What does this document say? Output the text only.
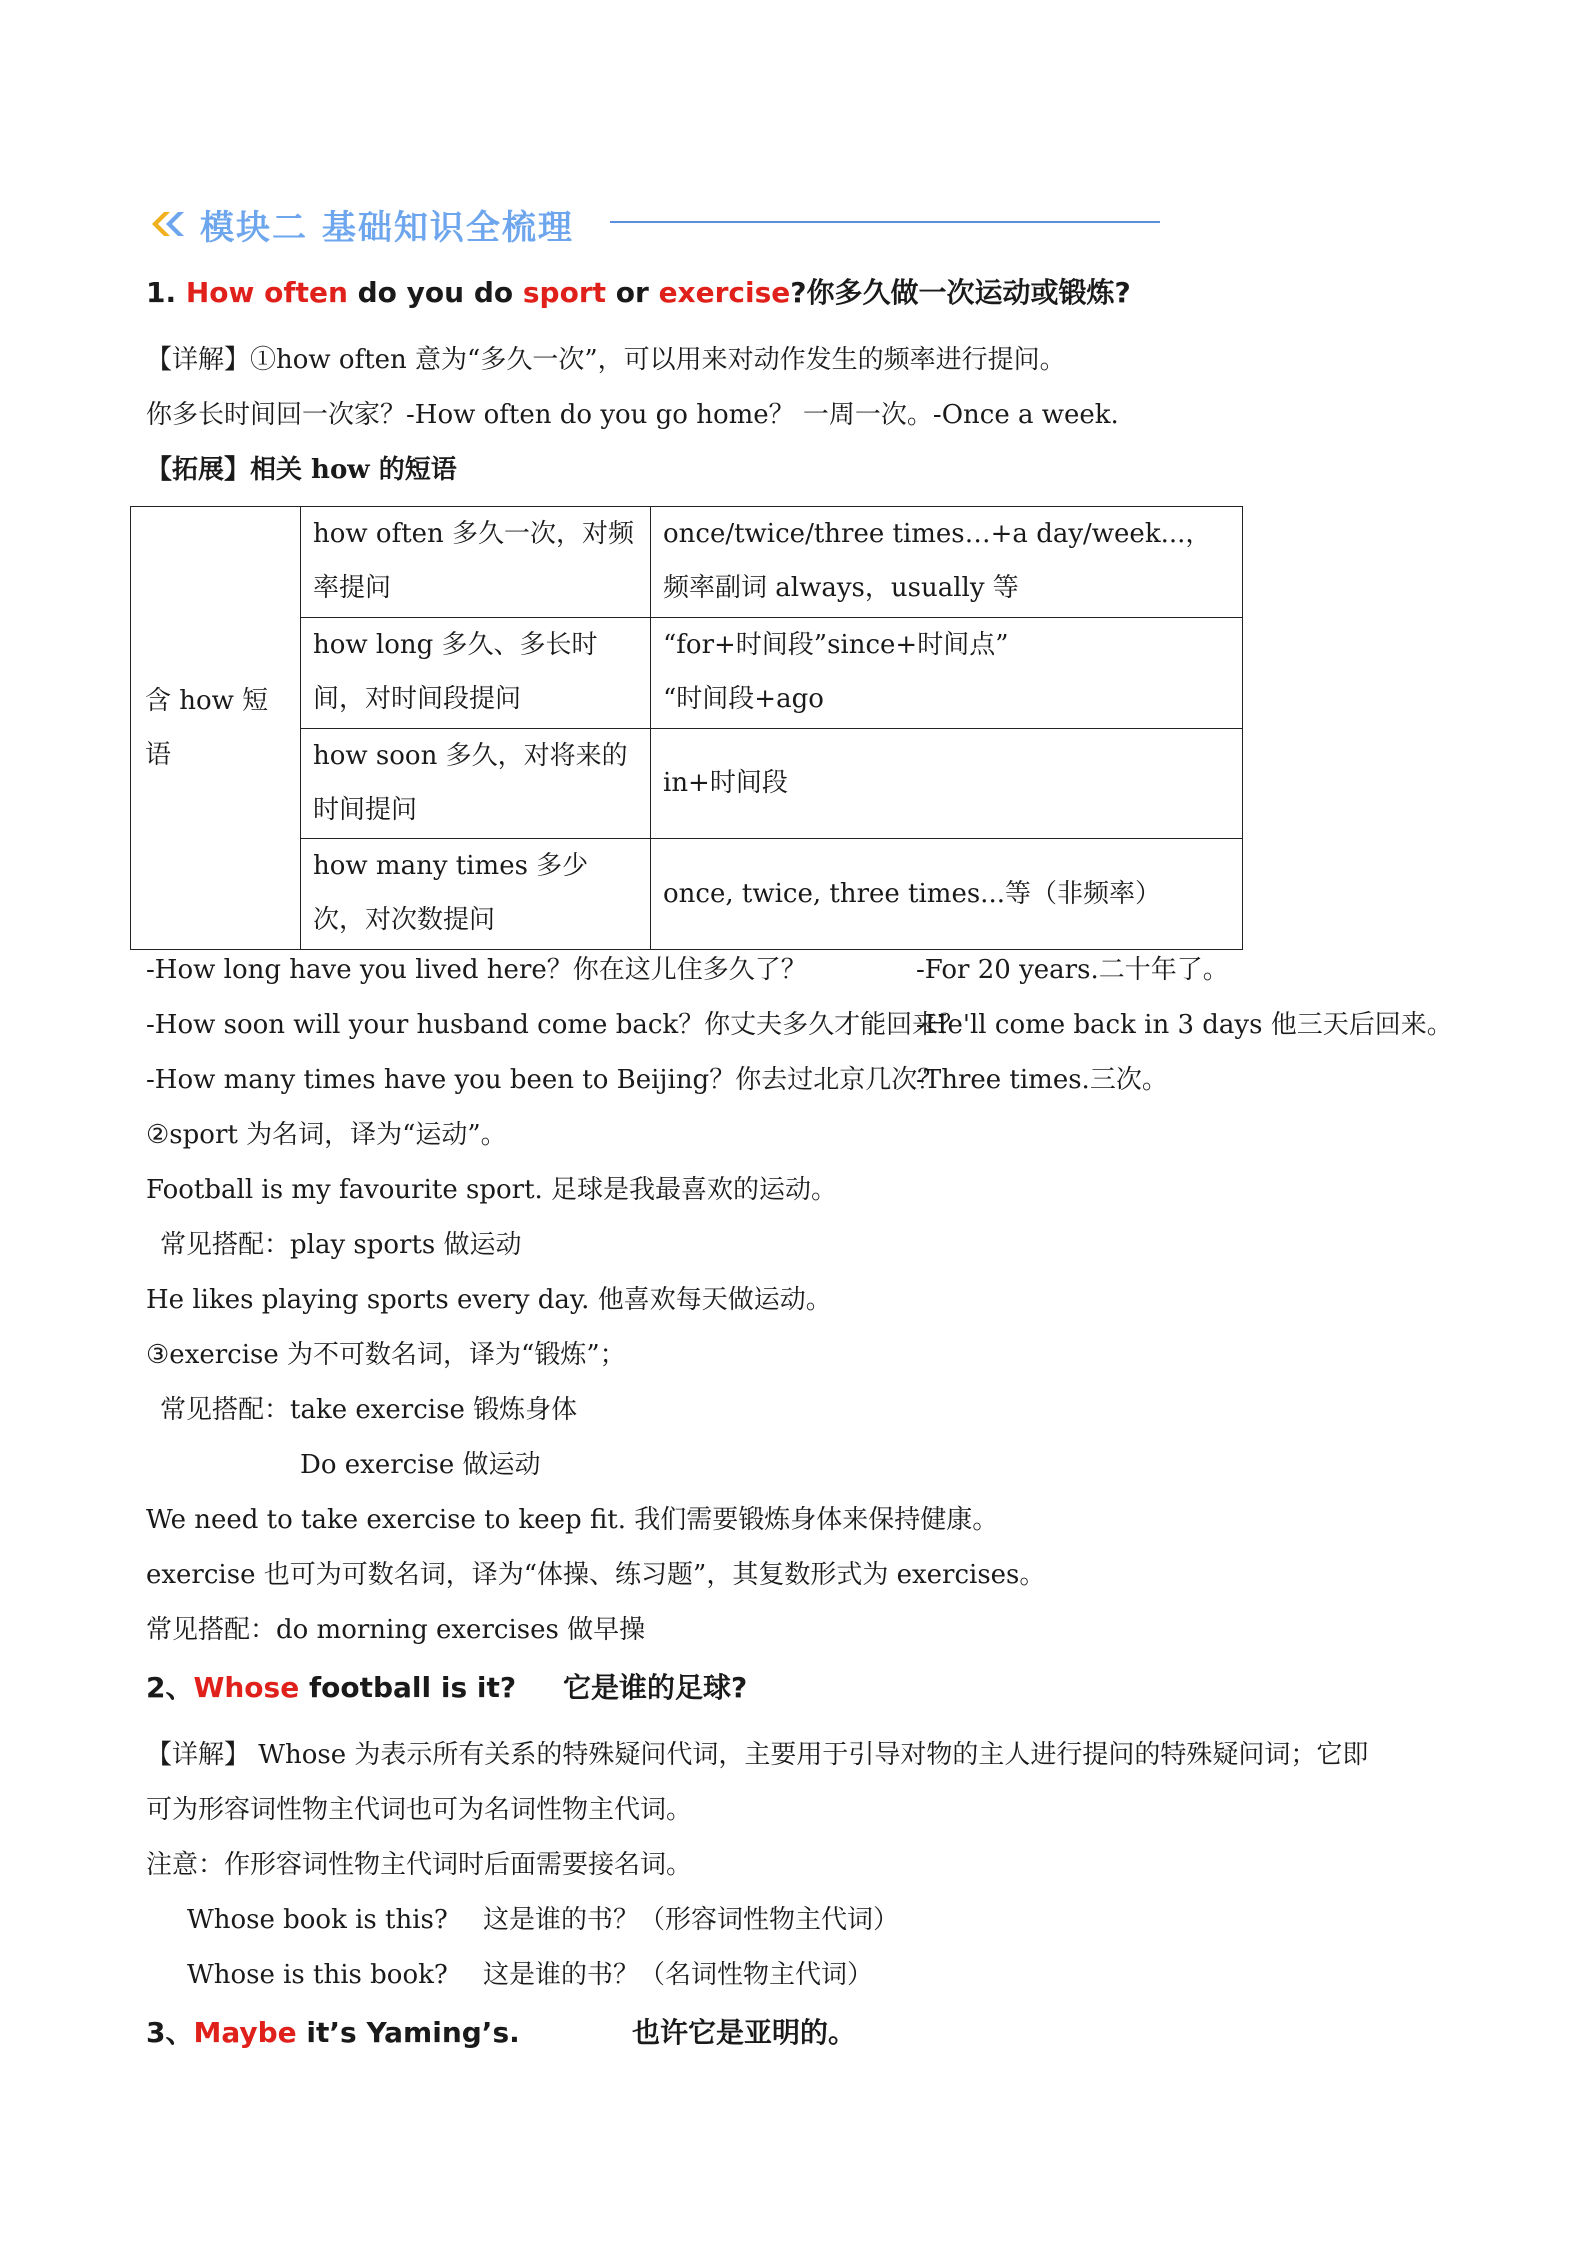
模块二 基础知识全梳理
1. How often do you do sport or exercise?你多久做一次运动或锻炼?
【详解】①how often 意为“多久一次”，可以用来对动作发生的频率进行提问。
你多长时间回一次家？-How often do you go home？ 一周一次。-Once a week.
【拓展】相关 how 的短语
含 how 短语	how often 多久一次，对频率提问	once/twice/three times…+a day/week...，频率副词 always，usually 等
	how long 多久、多长时间，对时间段提问	“for+时间段”since+时间点”
“时间段+ago

	how soon 多久，对将来的时间提问	in+时间段
	how many times 多少次，对次数提问	once, twice, three times...等（非频率）
-How long have you lived here？你在这儿住多久了？	-For 20 years.二十年了。
-How soon will your husband come back？你丈夫多久才能回来？
-He'll come back in 3 days 他三天后回来。
-How many times have you been to Beijing？你去过北京几次？
-Three times.三次。
②sport 为名词，译为“运动”。
Football is my favourite sport. 足球是我最喜欢的运动。
常见搭配：play sports 做运动
He likes playing sports every day. 他喜欢每天做运动。
③exercise 为不可数名词，译为“锻炼”；
常见搭配：take exercise 锻炼身体
Do exercise 做运动
We need to take exercise to keep fit. 我们需要锻炼身体来保持健康。
exercise 也可为可数名词，译为“体操、练习题”，其复数形式为 exercises。
常见搭配：do morning exercises 做早操
2、Whose football is it? 它是谁的足球?
【详解】 Whose 为表示所有关系的特殊疑问代词，主要用于引导对物的主人进行提问的特殊疑问词；它即
可为形容词性物主代词也可为名词性物主代词。
注意：作形容词性物主代词时后面需要接名词。
Whose book is this? 这是谁的书？（形容词性物主代词）
Whose is this book? 这是谁的书？（名词性物主代词）
3、Maybe it’s Yaming’s.	也许它是亚明的。
